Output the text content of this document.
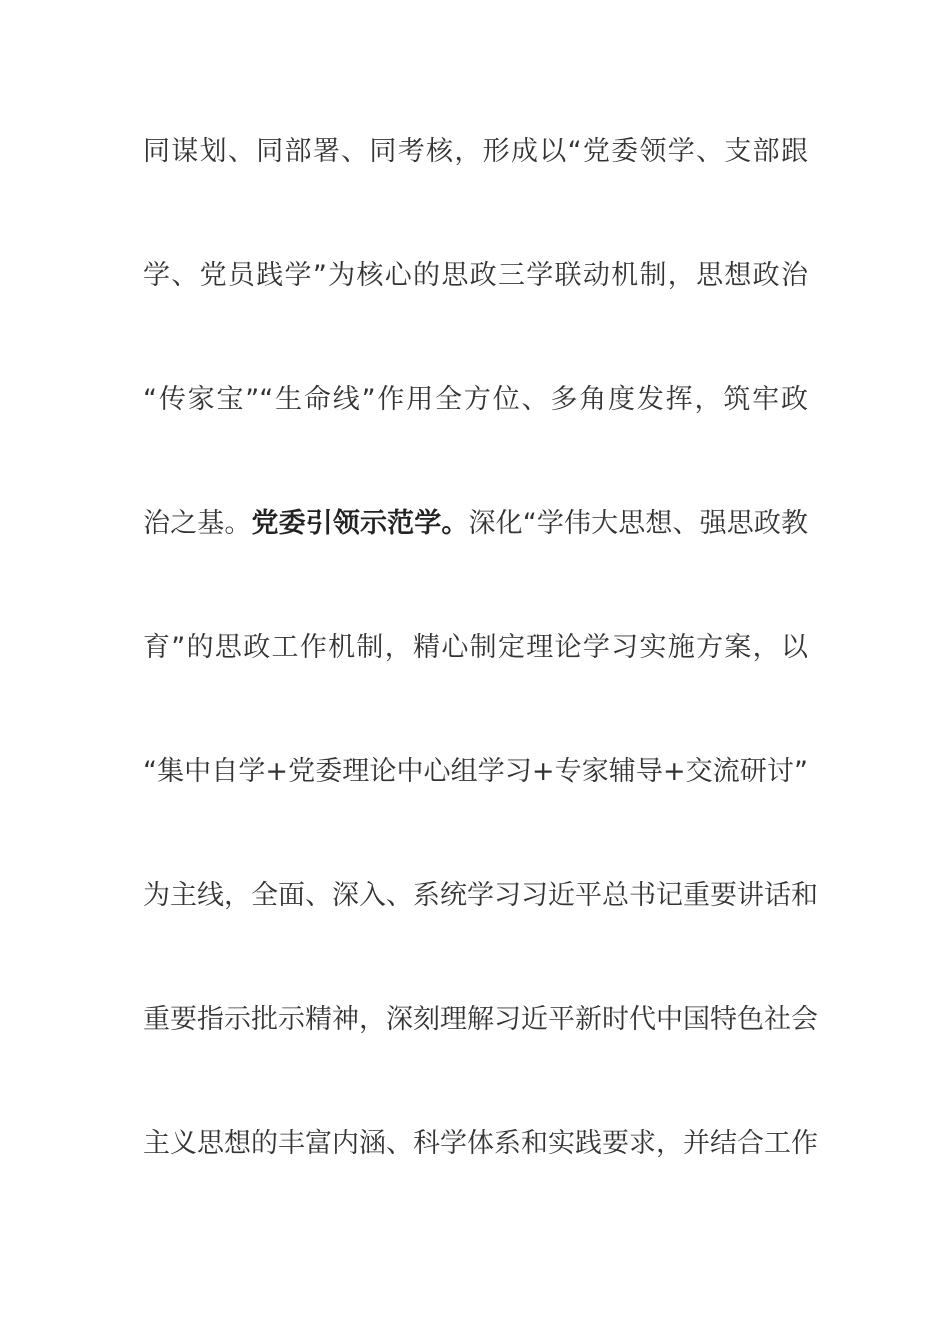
同谋划、同部署、同考核，形成以“党委领学、支部跟
学、党员践学”为核心的思政三学联动机制，思想政治
“传家宝”“生命线”作用全方位、多角度发挥，筑牢政
治之基。党委引领示范学。深化“学伟大思想、强思政教
育”的思政工作机制，精心制定理论学习实施方案，以
“集中自学+党委理论中心组学习+专家辅导+交流研讨”
为主线，全面、深入、系统学习习近平总书记重要讲话和
重要指示批示精神，深刻理解习近平新时代中国特色社会
主义思想的丰富内涵、科学体系和实践要求，并结合工作
